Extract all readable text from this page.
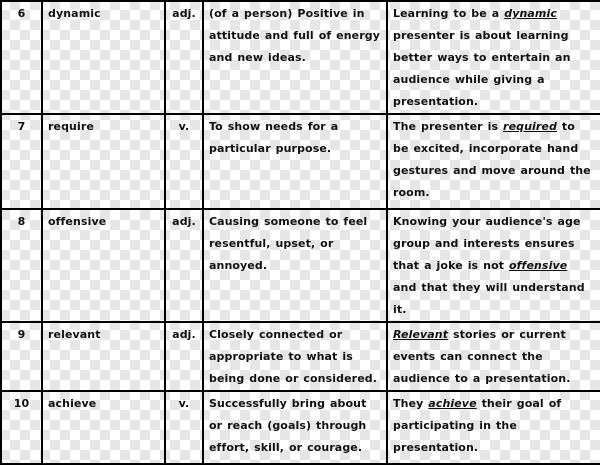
6	dynamic	adj.	(of a person) Positive in attitude and full of energy and new ideas.	Learning to be a dynamic presenter is about learning better ways to entertain an audience while giving a presentation.
7	require	v.	To show needs for a particular purpose.	The presenter is required to be excited, incorporate hand gestures and move around the room.
8	offensive	adj.	Causing someone to feel resentful, upset, or annoyed.	Knowing your audience's age group and interests ensures that a joke is not offensive and that they will understand it.
9	relevant	adj.	Closely connected or appropriate to what is being done or considered.	Relevant stories or current events can connect the audience to a presentation.
10	achieve	v.	Successfully bring about or reach (goals) through effort, skill, or courage.	They achieve their goal of participating in the presentation.
